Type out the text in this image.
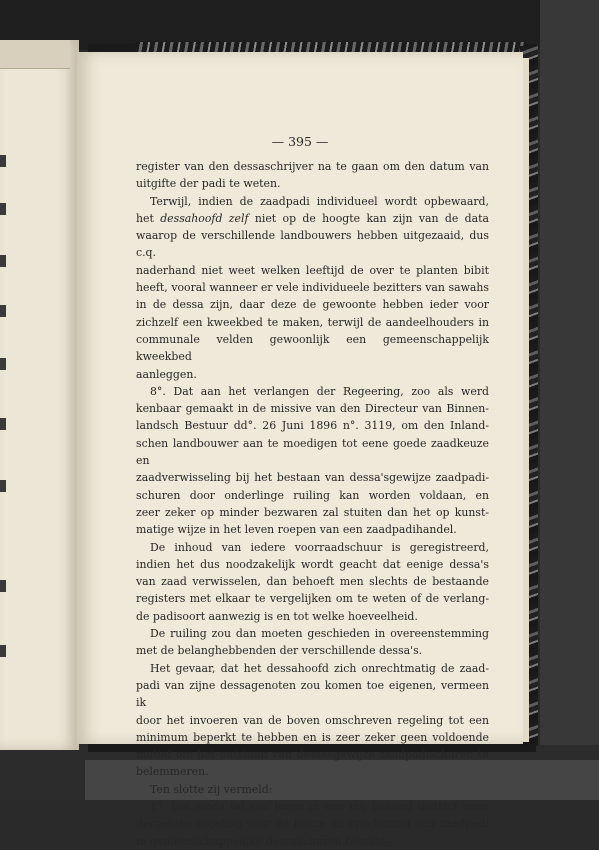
— 395 —
register van den dessaschrijver na te gaan om den datum van
uitgifte der padi te weten.
Terwijl, indien de zaadpadi individueel wordt opbewaard,
het dessahoofd zelf niet op de hoogte kan zijn van de data
waarop de verschillende landbouwers hebben uitgezaaid, dus c.q.
naderhand niet weet welken leeftijd de over te planten bibit
heeft, vooral wanneer er vele individueele bezitters van sawahs
in de dessa zijn, daar deze de gewoonte hebben ieder voor
zichzelf een kweekbed te maken, terwijl de aandeelhouders in
communale velden gewoonlijk een gemeenschappelijk kweekbed
aanleggen.
8°. Dat aan het verlangen der Regeering, zoo als werd
kenbaar gemaakt in de missive van den Directeur van Binnen-
landsch Bestuur dd°. 26 Juni 1896 n°. 3119, om den Inland-
schen landbouwer aan te moedigen tot eene goede zaadkeuze en
zaadverwisseling bij het bestaan van dessa'sgewijze zaadpadi-
schuren door onderlinge ruiling kan worden voldaan, en
zeer zeker op minder bezwaren zal stuiten dan het op kunst-
matige wijze in het leven roepen van een zaadpadihandel.
De inhoud van iedere voorraadschuur is geregistreerd,
indien het dus noodzakelijk wordt geacht dat eenige dessa's
van zaad verwisselen, dan behoeft men slechts de bestaande
registers met elkaar te vergelijken om te weten of de verlang-
de padisoort aanwezig is en tot welke hoeveelheid.
De ruiling zou dan moeten geschieden in overeenstemming
met de belanghebbenden der verschillende dessa's.
Het gevaar, dat het dessahoofd zich onrechtmatig de zaad-
padi van zijne dessagenoten zou komen toe eigenen, vermeen ik
door het invoeren van de boven omschreven regeling tot een
minimum beperkt te hebben en is zeer zeker geen voldoende
motief om het ontstaan van dessasgewijze zaadpadischuren te
belemmeren.
Ten slotte zij vermeld:
1°. Dat sinds tal van jaren in een mij bekend district eene
dergelijke regeling voor de keuze en opschuring van zaadpadi
in gemeenschappelijke dessaschuren bestaat.
